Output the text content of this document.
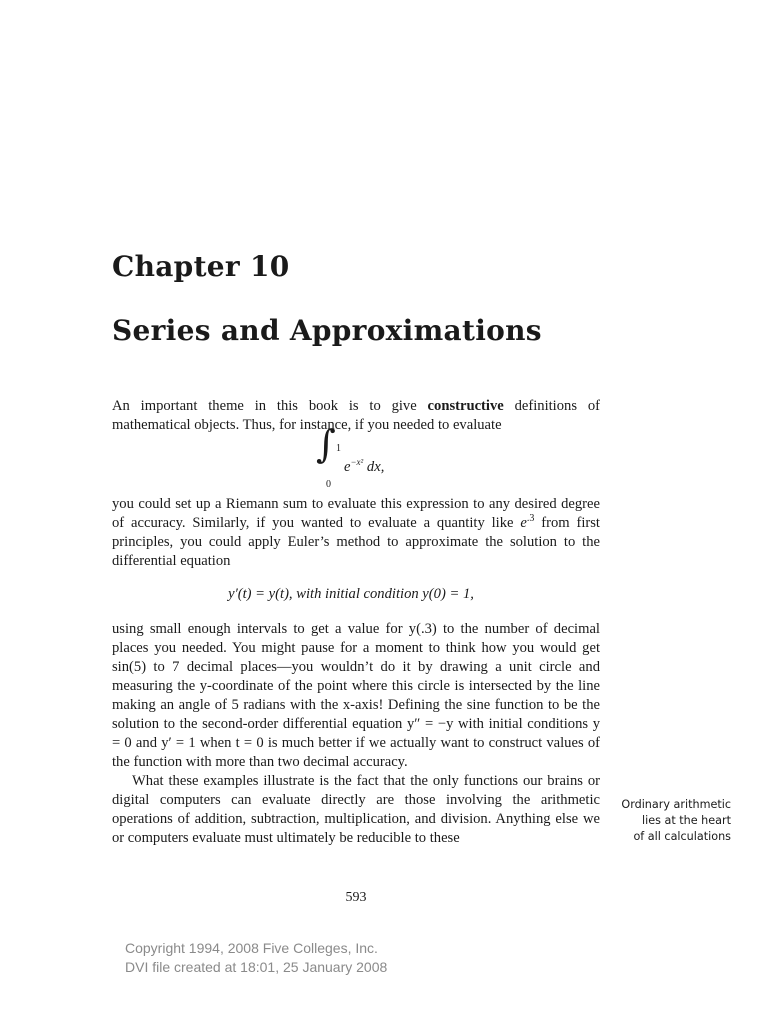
Chapter 10
Series and Approximations

An important theme in this book is to give constructive definitions of mathematical objects. Thus, for instance, if you needed to evaluate

∫ 1
0
$e^{-x^2}$ dx,

you could set up a Riemann sum to evaluate this expression to any desired degree of accuracy. Similarly, if you wanted to evaluate a quantity like $e^{.3}$ from first principles, you could apply Euler’s method to approximate the solution to the differential equation

y′(t) = y(t), with initial condition y(0) = 1,

using small enough intervals to get a value for y(.3) to the number of decimal places you needed. You might pause for a moment to think how you would get sin(5) to 7 decimal places—you wouldn’t do it by drawing a unit circle and measuring the y-coordinate of the point where this circle is intersected by the line making an angle of 5 radians with the x-axis! Defining the sine function to be the solution to the second-order differential equation y″ = −y with initial conditions y = 0 and y′ = 1 when t = 0 is much better if we actually want to construct values of the function with more than two decimal accuracy.

What these examples illustrate is the fact that the only functions our brains or digital computers can evaluate directly are those involving the arithmetic operations of addition, subtraction, multiplication, and division. Anything else we or computers evaluate must ultimately be reducible to these

Ordinary arithmetic
lies at the heart
of all calculations
593
Copyright 1994, 2008 Five Colleges, Inc.
DVI file created at 18:01, 25 January 2008
